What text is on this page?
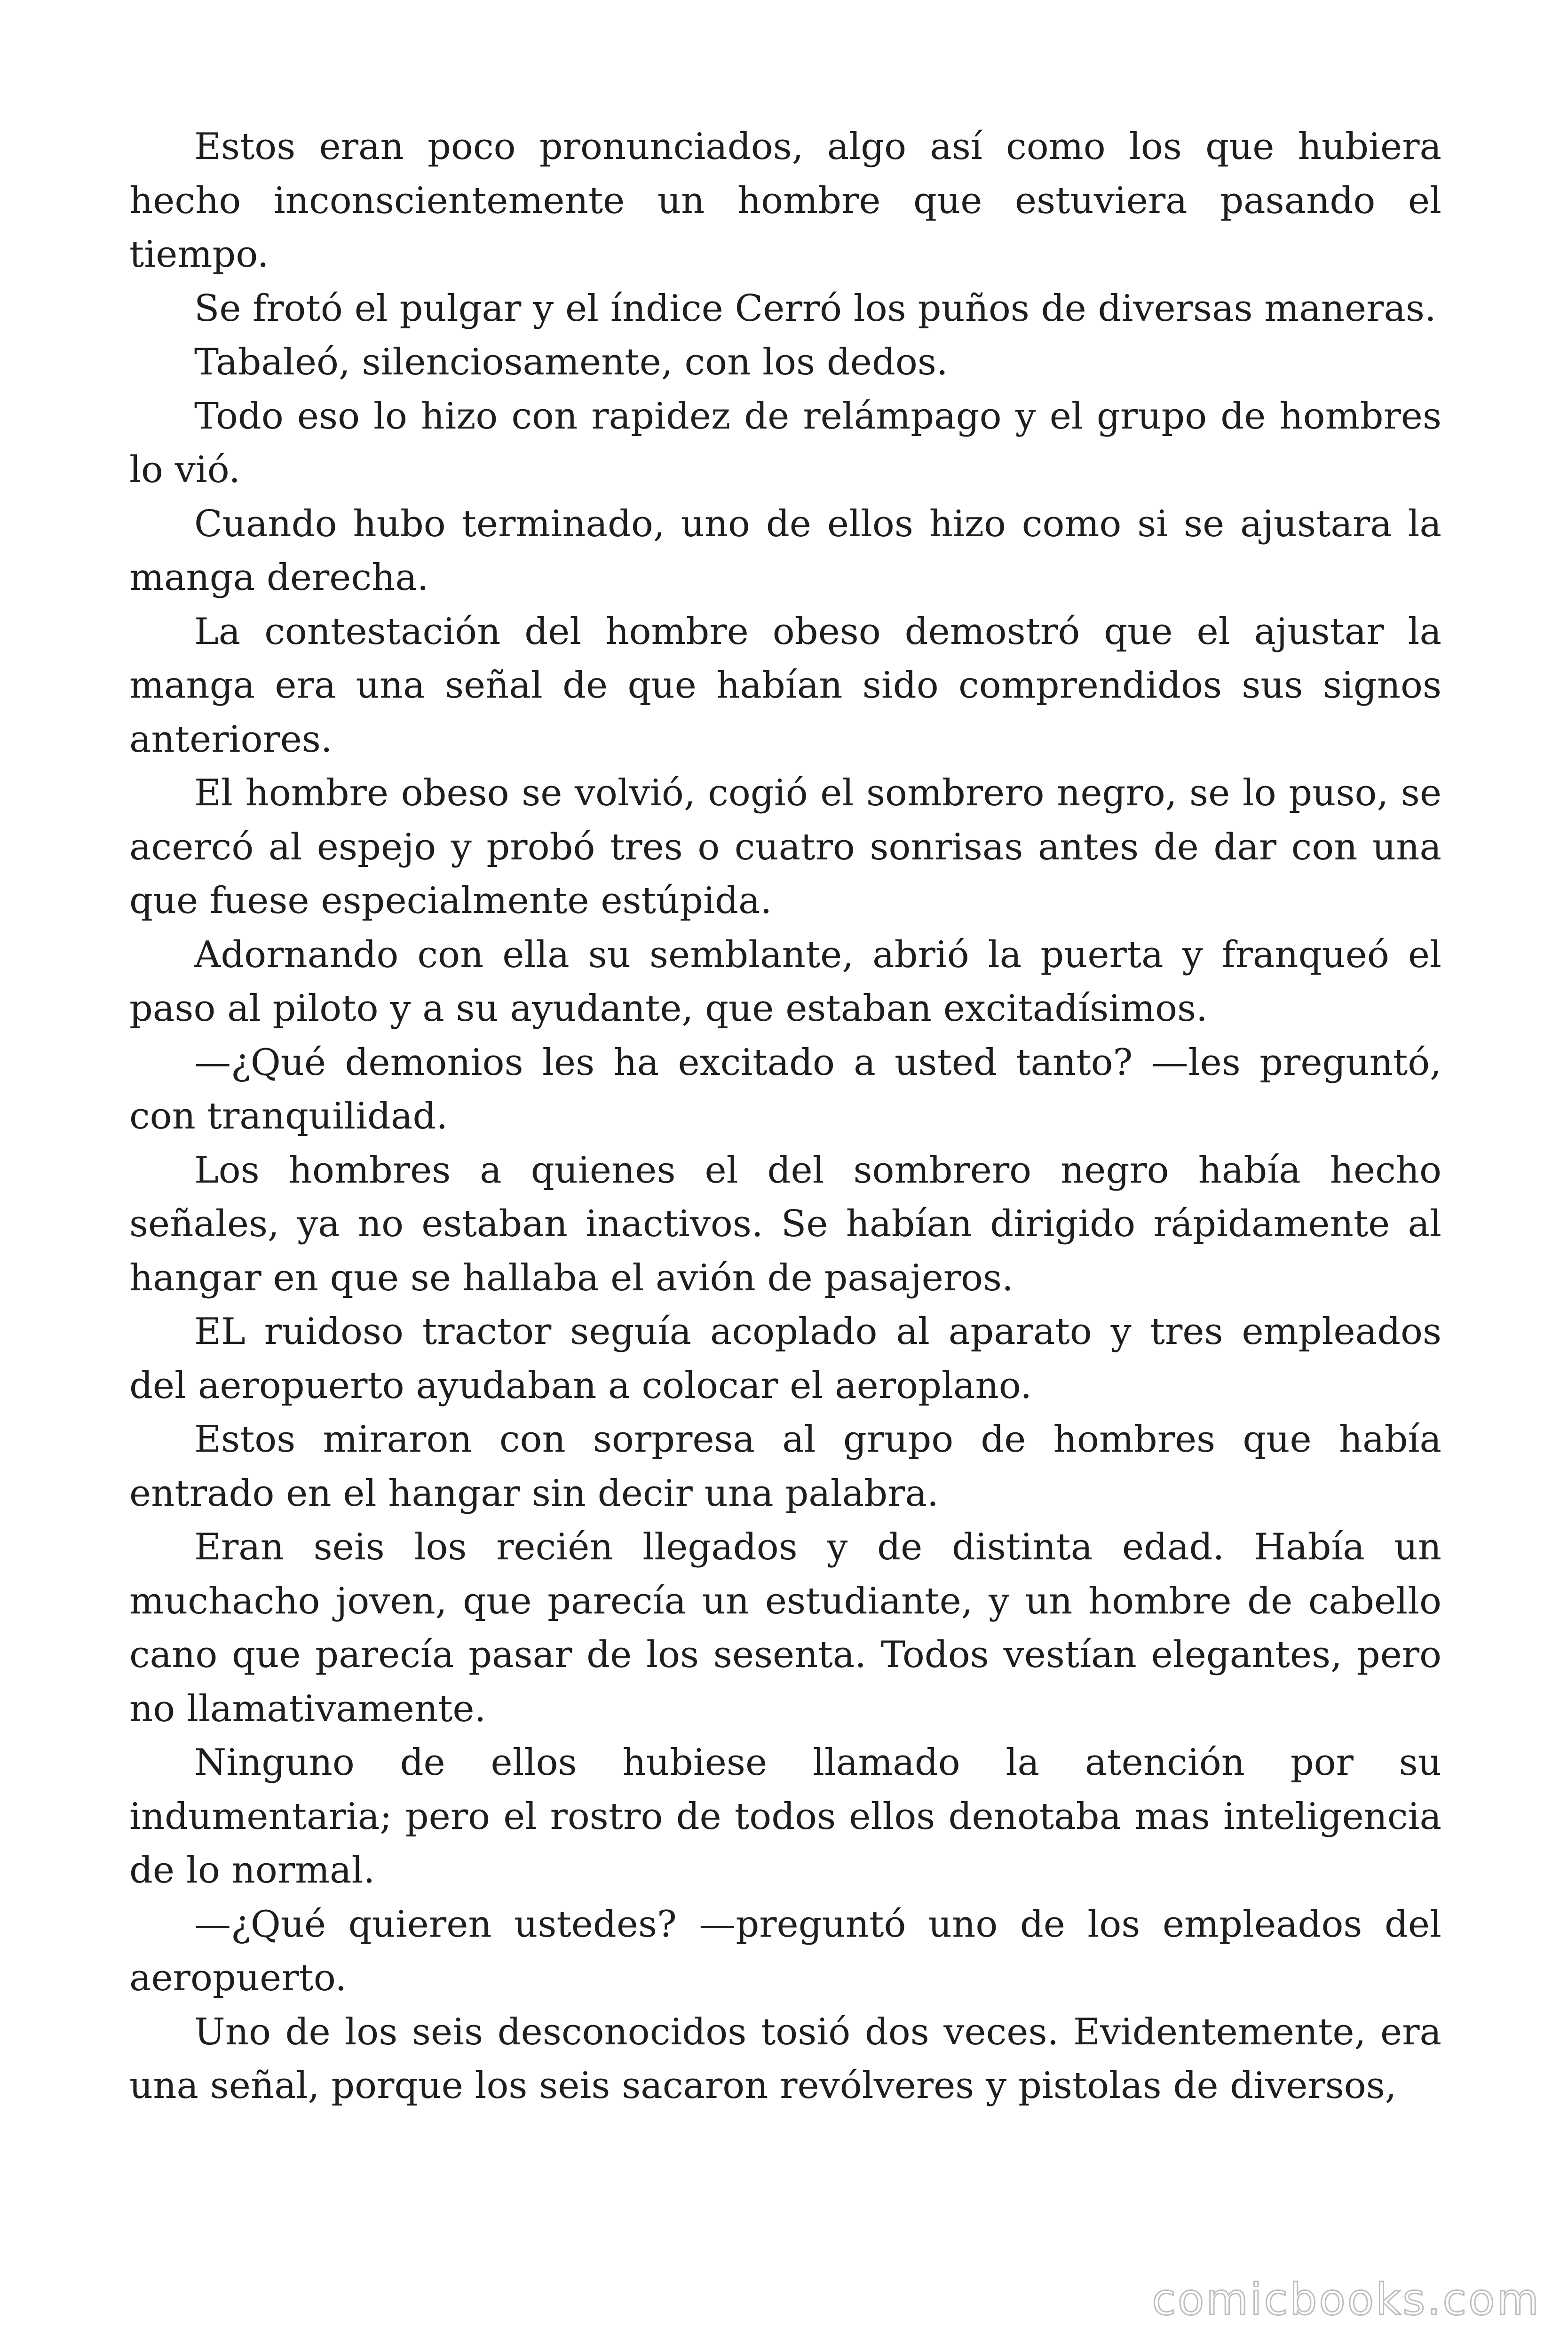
Estos eran poco pronunciados, algo así como los que hubiera hecho inconscientemente un hombre que estuviera pasando el tiempo.

Se frotó el pulgar y el índice Cerró los puños de diversas maneras.

Tabaleó, silenciosamente, con los dedos.

Todo eso lo hizo con rapidez de relámpago y el grupo de hombres lo vió.

Cuando hubo terminado, uno de ellos hizo como si se ajustara la manga derecha.

La contestación del hombre obeso demostró que el ajustar la manga era una señal de que habían sido comprendidos sus signos anteriores.

El hombre obeso se volvió, cogió el sombrero negro, se lo puso, se acercó al espejo y probó tres o cuatro sonrisas antes de dar con una que fuese especialmente estúpida.

Adornando con ella su semblante, abrió la puerta y franqueó el paso al piloto y a su ayudante, que estaban excitadísimos.

—¿Qué demonios les ha excitado a usted tanto? —les preguntó, con tranquilidad.

Los hombres a quienes el del sombrero negro había hecho señales, ya no estaban inactivos. Se habían dirigido rápidamente al hangar en que se hallaba el avión de pasajeros.

EL ruidoso tractor seguía acoplado al aparato y tres empleados del aeropuerto ayudaban a colocar el aeroplano.

Estos miraron con sorpresa al grupo de hombres que había entrado en el hangar sin decir una palabra.

Eran seis los recién llegados y de distinta edad. Había un muchacho joven, que parecía un estudiante, y un hombre de cabello cano que parecía pasar de los sesenta. Todos vestían elegantes, pero no llamativamente.

Ninguno de ellos hubiese llamado la atención por su indumentaria; pero el rostro de todos ellos denotaba mas inteligencia de lo normal.

—¿Qué quieren ustedes? —preguntó uno de los empleados del aeropuerto.

Uno de los seis desconocidos tosió dos veces. Evidentemente, era una señal, porque los seis sacaron revólveres y pistolas de diversos,

comicbooks.com
